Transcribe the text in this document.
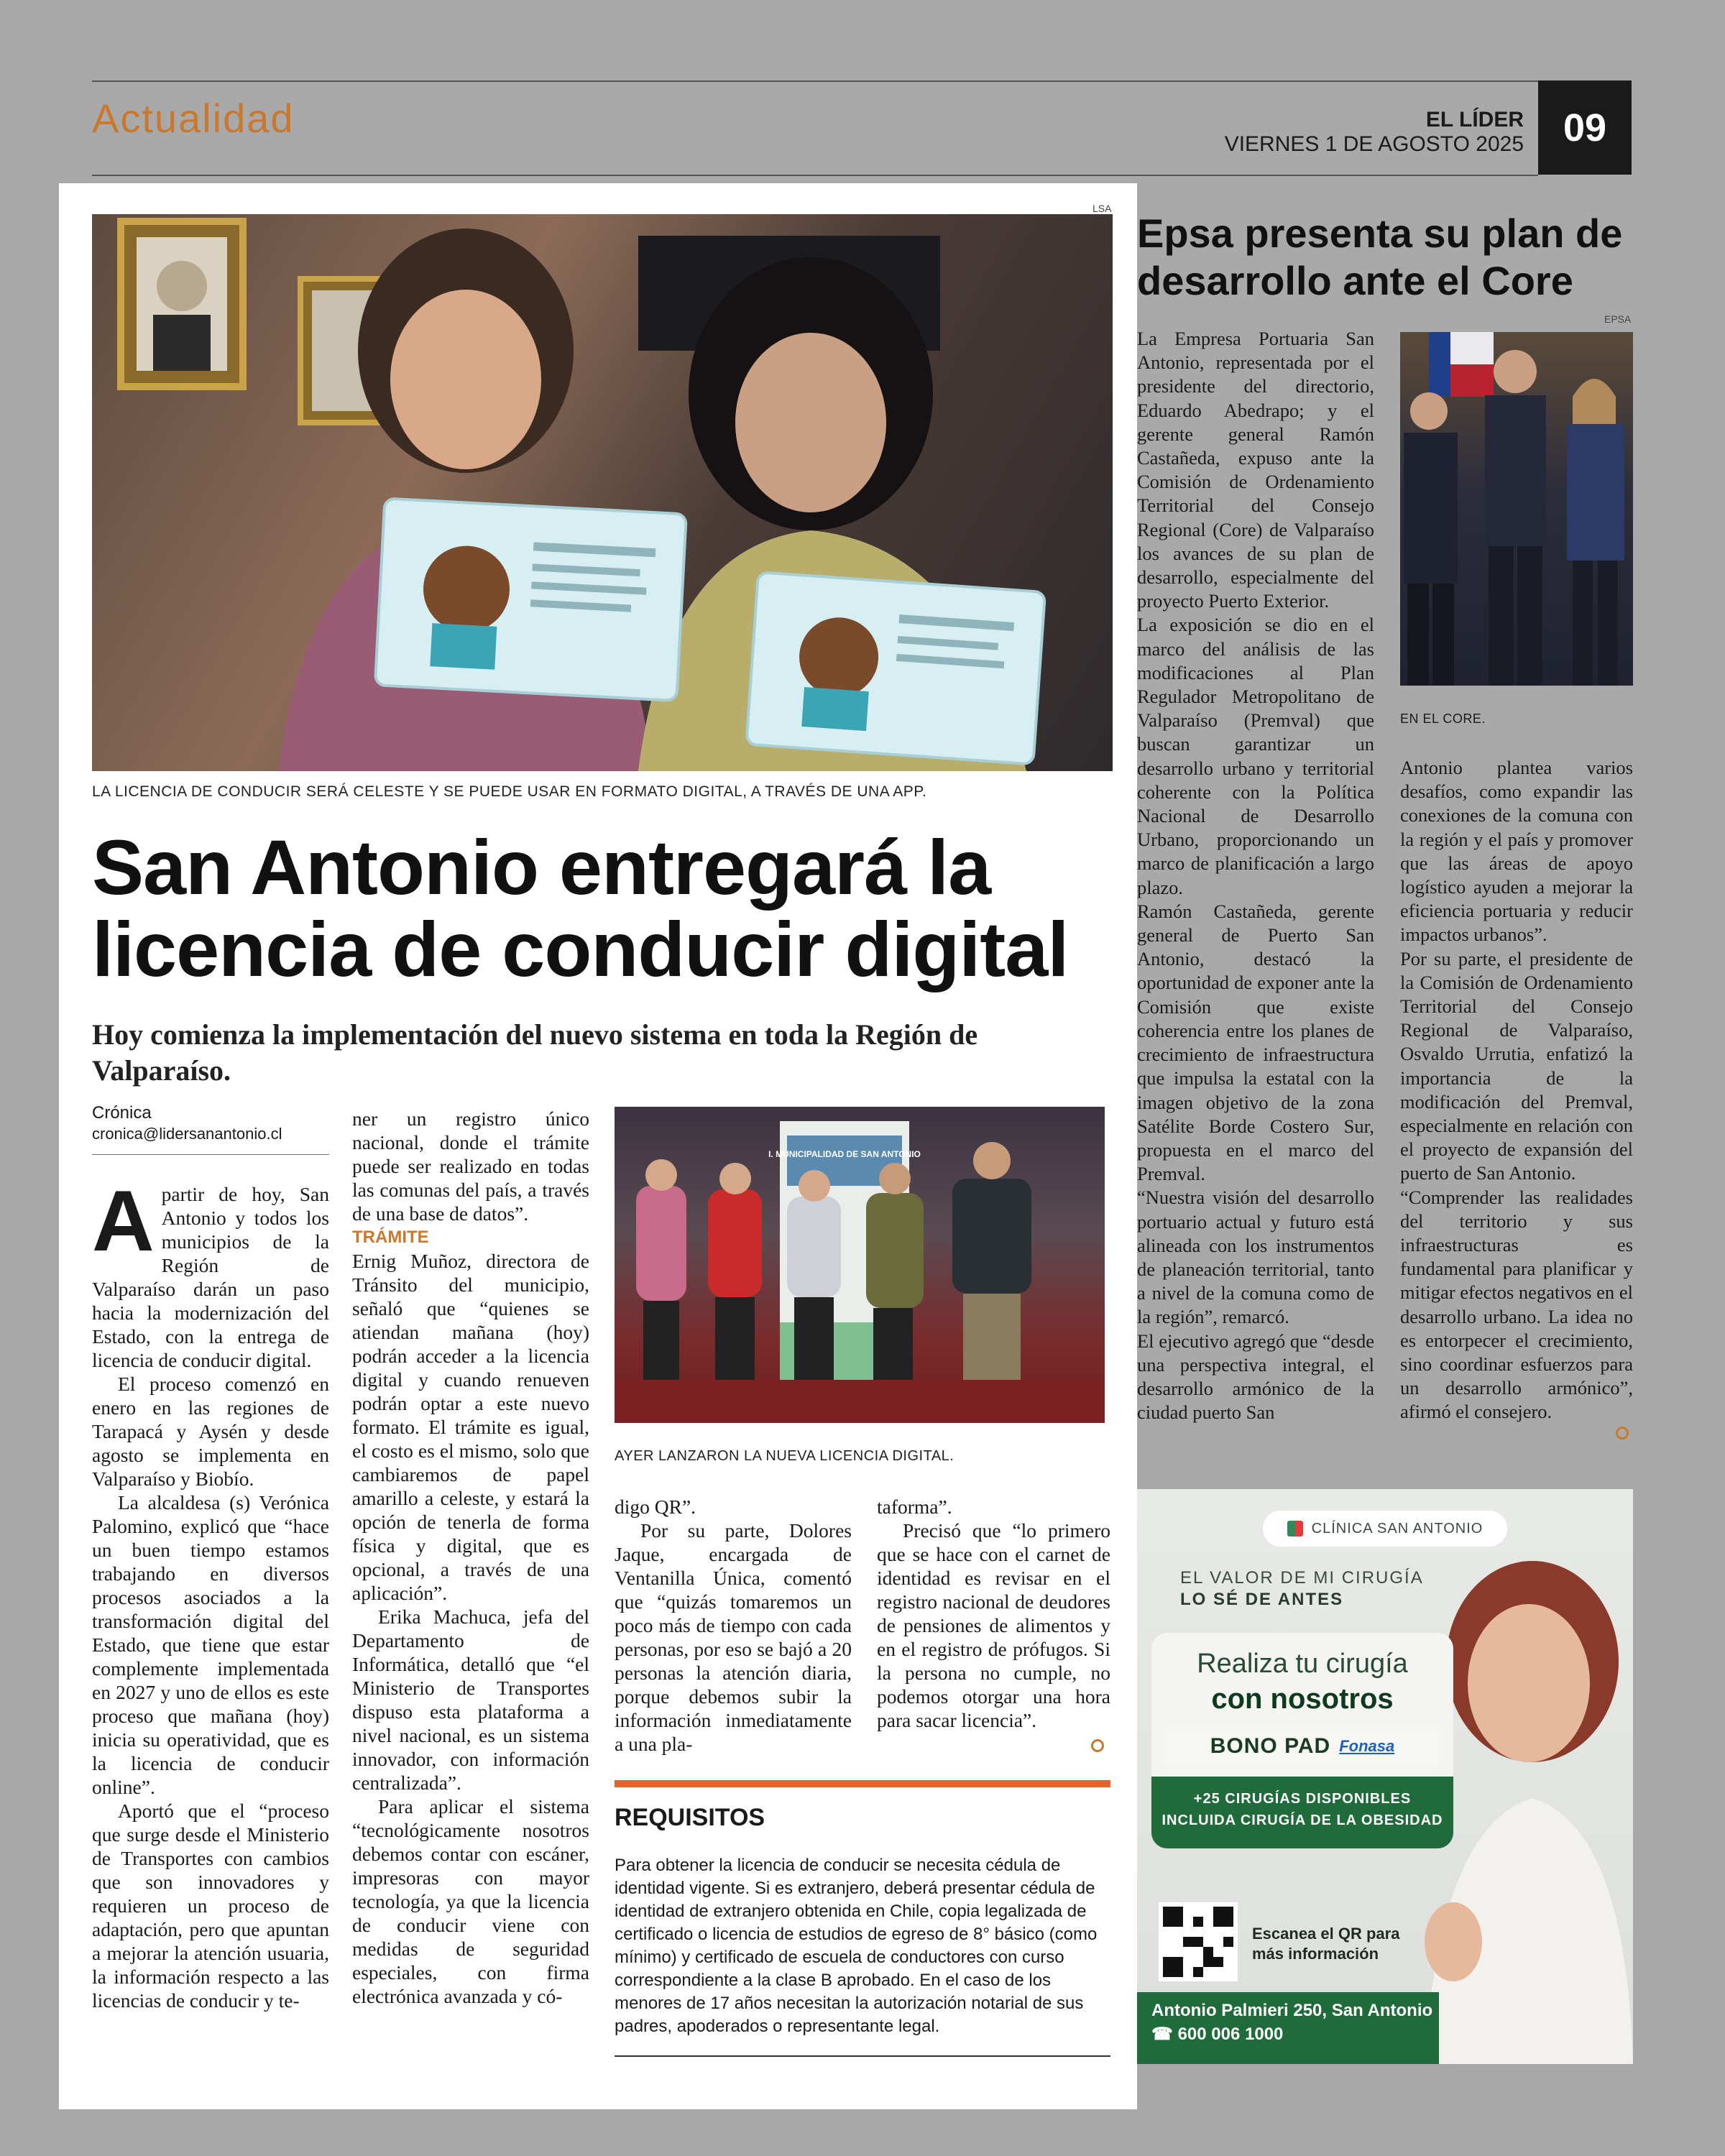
Actualidad	EL LÍDER
VIERNES 1 DE AGOSTO 2025	09
LSA
LA LICENCIA DE CONDUCIR SERÁ CELESTE Y SE PUEDE USAR EN FORMATO DIGITAL, A TRAVÉS DE UNA APP.
San Antonio entregará la licencia de conducir digital
Hoy comienza la implementación del nuevo sistema en toda la Región de Valparaíso.
Crónica
cronica@lidersanantonio.cl

Apartir de hoy, San Antonio y todos los municipios de la Región de Valparaíso darán un paso hacia la modernización del Estado, con la entrega de licencia de conducir digital.

El proceso comenzó en enero en las regiones de Tarapacá y Aysén y desde agosto se implementa en Valparaíso y Biobío.

La alcaldesa (s) Verónica Palomino, explicó que “hace un buen tiempo estamos trabajando en diversos procesos asociados a la transformación digital del Estado, que tiene que estar complemente implementada en 2027 y uno de ellos es este proceso que mañana (hoy) inicia su operatividad, que es la licencia de conducir online”.

Aportó que el “proceso que surge desde el Ministerio de Transportes con cambios que son innovadores y requieren un proceso de adaptación, pero que apuntan a mejorar la atención usuaria, la información respecto a las licencias de conducir y te-

ner un registro único nacional, donde el trámite puede ser realizado en todas las comunas del país, a través de una base de datos”.

TRÁMITE

Ernig Muñoz, directora de Tránsito del municipio, señaló que “quienes se atiendan mañana (hoy) podrán acceder a la licencia digital y cuando renueven podrán optar a este nuevo formato. El trámite es igual, el costo es el mismo, solo que cambiaremos de papel amarillo a celeste, y estará la opción de tenerla de forma física y digital, que es opcional, a través de una aplicación”.

Erika Machuca, jefa del Departamento de Informática, detalló que “el Ministerio de Transportes dispuso esta plataforma a nivel nacional, es un sistema innovador, con información centralizada”.

Para aplicar el sistema “tecnológicamente nosotros debemos contar con escáner, impresoras con mayor tecnología, ya que la licencia de conducir viene con medidas de seguridad especiales, con firma electrónica avanzada y có-

I. MUNICIPALIDAD DE SAN ANTONIO
AYER LANZARON LA NUEVA LICENCIA DIGITAL.

digo QR”.

Por su parte, Dolores Jaque, encargada de Ventanilla Única, comentó que “quizás tomaremos un poco más de tiempo con cada personas, por eso se bajó a 20 personas la atención diaria, porque debemos subir la información inmediatamente a una pla-

taforma”.

Precisó que “lo primero que se hace con el carnet de identidad es revisar en el registro nacional de deudores de pensiones de alimentos y en el registro de prófugos. Si la persona no cumple, no podemos otorgar una hora para sacar licencia”.

REQUISITOS
Para obtener la licencia de conducir se necesita cédula de identidad vigente. Si es extranjero, deberá presentar cédula de identidad de extranjero obtenida en Chile, copia legalizada de certificado o licencia de estudios de egreso de 8° básico (como mínimo) y certificado de escuela de conductores con curso correspondiente a la clase B aprobado. En el caso de los menores de 17 años necesitan la autorización notarial de sus padres, apoderados o representante legal.
Epsa presenta su plan de desarrollo ante el Core
EPSA

La Empresa Portuaria San Antonio, representada por el presidente del directorio, Eduardo Abedrapo; y el gerente general Ramón Castañeda, expuso ante la Comisión de Ordenamiento Territorial del Consejo Regional (Core) de Valparaíso los avances de su plan de desarrollo, especialmente del proyecto Puerto Exterior.

La exposición se dio en el marco del análisis de las modificaciones al Plan Regulador Metropolitano de Valparaíso (Premval) que buscan garantizar un desarrollo urbano y territorial coherente con la Política Nacional de Desarrollo Urbano, proporcionando un marco de planificación a largo plazo.

Ramón Castañeda, gerente general de Puerto San Antonio, destacó la oportunidad de exponer ante la Comisión que existe coherencia entre los planes de crecimiento de infraestructura que impulsa la estatal con la imagen objetivo de la zona Satélite Borde Costero Sur, propuesta en el marco del Premval.

“Nuestra visión del desarrollo portuario actual y futuro está alineada con los instrumentos de planeación territorial, tanto a nivel de la comuna como de la región”, remarcó.

El ejecutivo agregó que “desde una perspectiva integral, el desarrollo armónico de la ciudad puerto San

EN EL CORE.

Antonio plantea varios desafíos, como expandir las conexiones de la comuna con la región y el país y promover que las áreas de apoyo logístico ayuden a mejorar la eficiencia portuaria y reducir impactos urbanos”.

Por su parte, el presidente de la Comisión de Ordenamiento Territorial del Consejo Regional de Valparaíso, Osvaldo Urrutia, enfatizó la importancia de la modificación del Premval, especialmente en relación con el proyecto de expansión del puerto de San Antonio.

“Comprender las realidades del territorio y sus infraestructuras es fundamental para planificar y mitigar efectos negativos en el desarrollo urbano. La idea no es entorpecer el crecimiento, sino coordinar esfuerzos para un desarrollo armónico”, afirmó el consejero.

CLÍNICA SAN ANTONIO
EL VALOR DE MI CIRUGÍA
LO SÉ DE ANTES
Realiza tu cirugía
con nosotros
BONO PAD Fonasa
+25 CIRUGÍAS DISPONIBLES
INCLUIDA CIRUGÍA DE LA OBESIDAD
Escanea el QR para
más información
Antonio Palmieri 250, San Antonio
☎ 600 006 1000
